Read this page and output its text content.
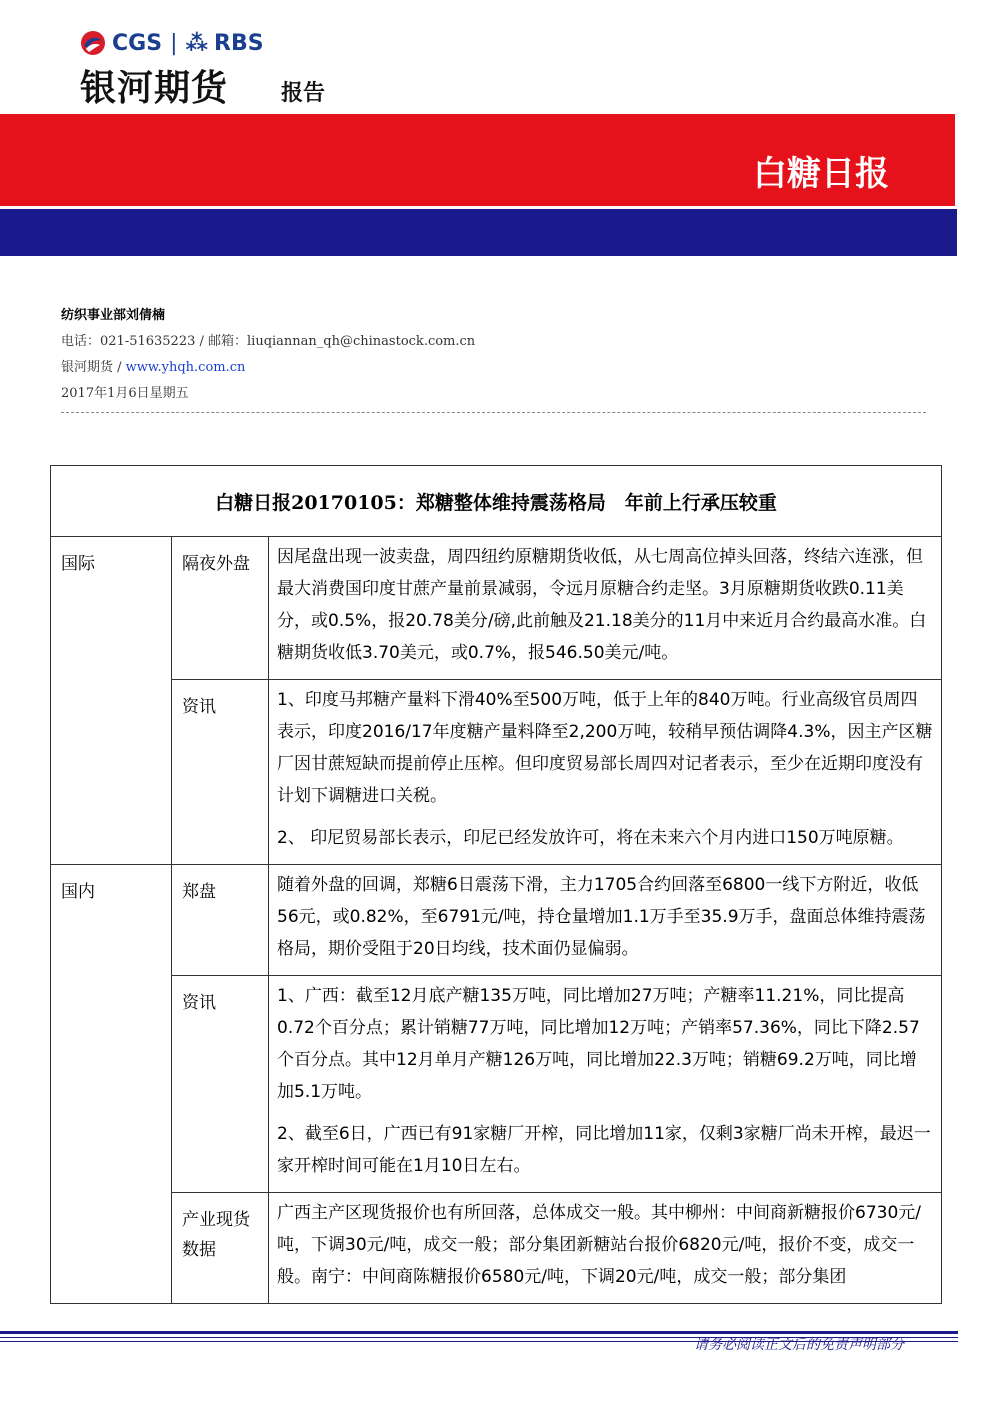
CGS | ⁂ RBS
银河期货	报告
白糖日报
纺织事业部刘倩楠
电话：021-51635223 / 邮箱：liuqiannan_qh@chinastock.com.cn
银河期货 / www.yhqh.com.cn
2017年1月6日星期五
白糖日报20170105：郑糖整体维持震荡格局　年前上行承压较重		
国际	隔夜外盘	因尾盘出现一波卖盘，周四纽约原糖期货收低，从七周高位掉头回落，终结六连涨，但最大消费国印度甘蔗产量前景减弱，令远月原糖合约走坚。3月原糖期货收跌0.11美分，或0.5%，报20.78美分/磅,此前触及21.18美分的11月中来近月合约最高水准。白糖期货收低3.70美元，或0.7%，报546.50美元/吨。

	资讯	1、印度马邦糖产量料下滑40%至500万吨，低于上年的840万吨。行业高级官员周四表示，印度2016/17年度糖产量料降至2,200万吨，较稍早预估调降4.3%，因主产区糖厂因甘蔗短缺而提前停止压榨。但印度贸易部长周四对记者表示，至少在近期印度没有计划下调糖进口关税。

2、 印尼贸易部长表示，印尼已经发放许可，将在未来六个月内进口150万吨原糖。

国内	郑盘	随着外盘的回调，郑糖6日震荡下滑，主力1705合约回落至6800一线下方附近，收低56元，或0.82%，至6791元/吨，持仓量增加1.1万手至35.9万手，盘面总体维持震荡格局，期价受阻于20日均线，技术面仍显偏弱。

	资讯	1、广西：截至12月底产糖135万吨，同比增加27万吨；产糖率11.21%，同比提高0.72个百分点；累计销糖77万吨，同比增加12万吨；产销率57.36%，同比下降2.57个百分点。其中12月单月产糖126万吨，同比增加22.3万吨；销糖69.2万吨，同比增加5.1万吨。

2、截至6日，广西已有91家糖厂开榨，同比增加11家，仅剩3家糖厂尚未开榨，最迟一家开榨时间可能在1月10日左右。

	产业现货数据	广西主产区现货报价也有所回落，总体成交一般。其中柳州：中间商新糖报价6730元/吨，下调30元/吨，成交一般；部分集团新糖站台报价6820元/吨，报价不变，成交一般。南宁：中间商陈糖报价6580元/吨，下调20元/吨，成交一般；部分集团

请务必阅读正文后的免责声明部分
